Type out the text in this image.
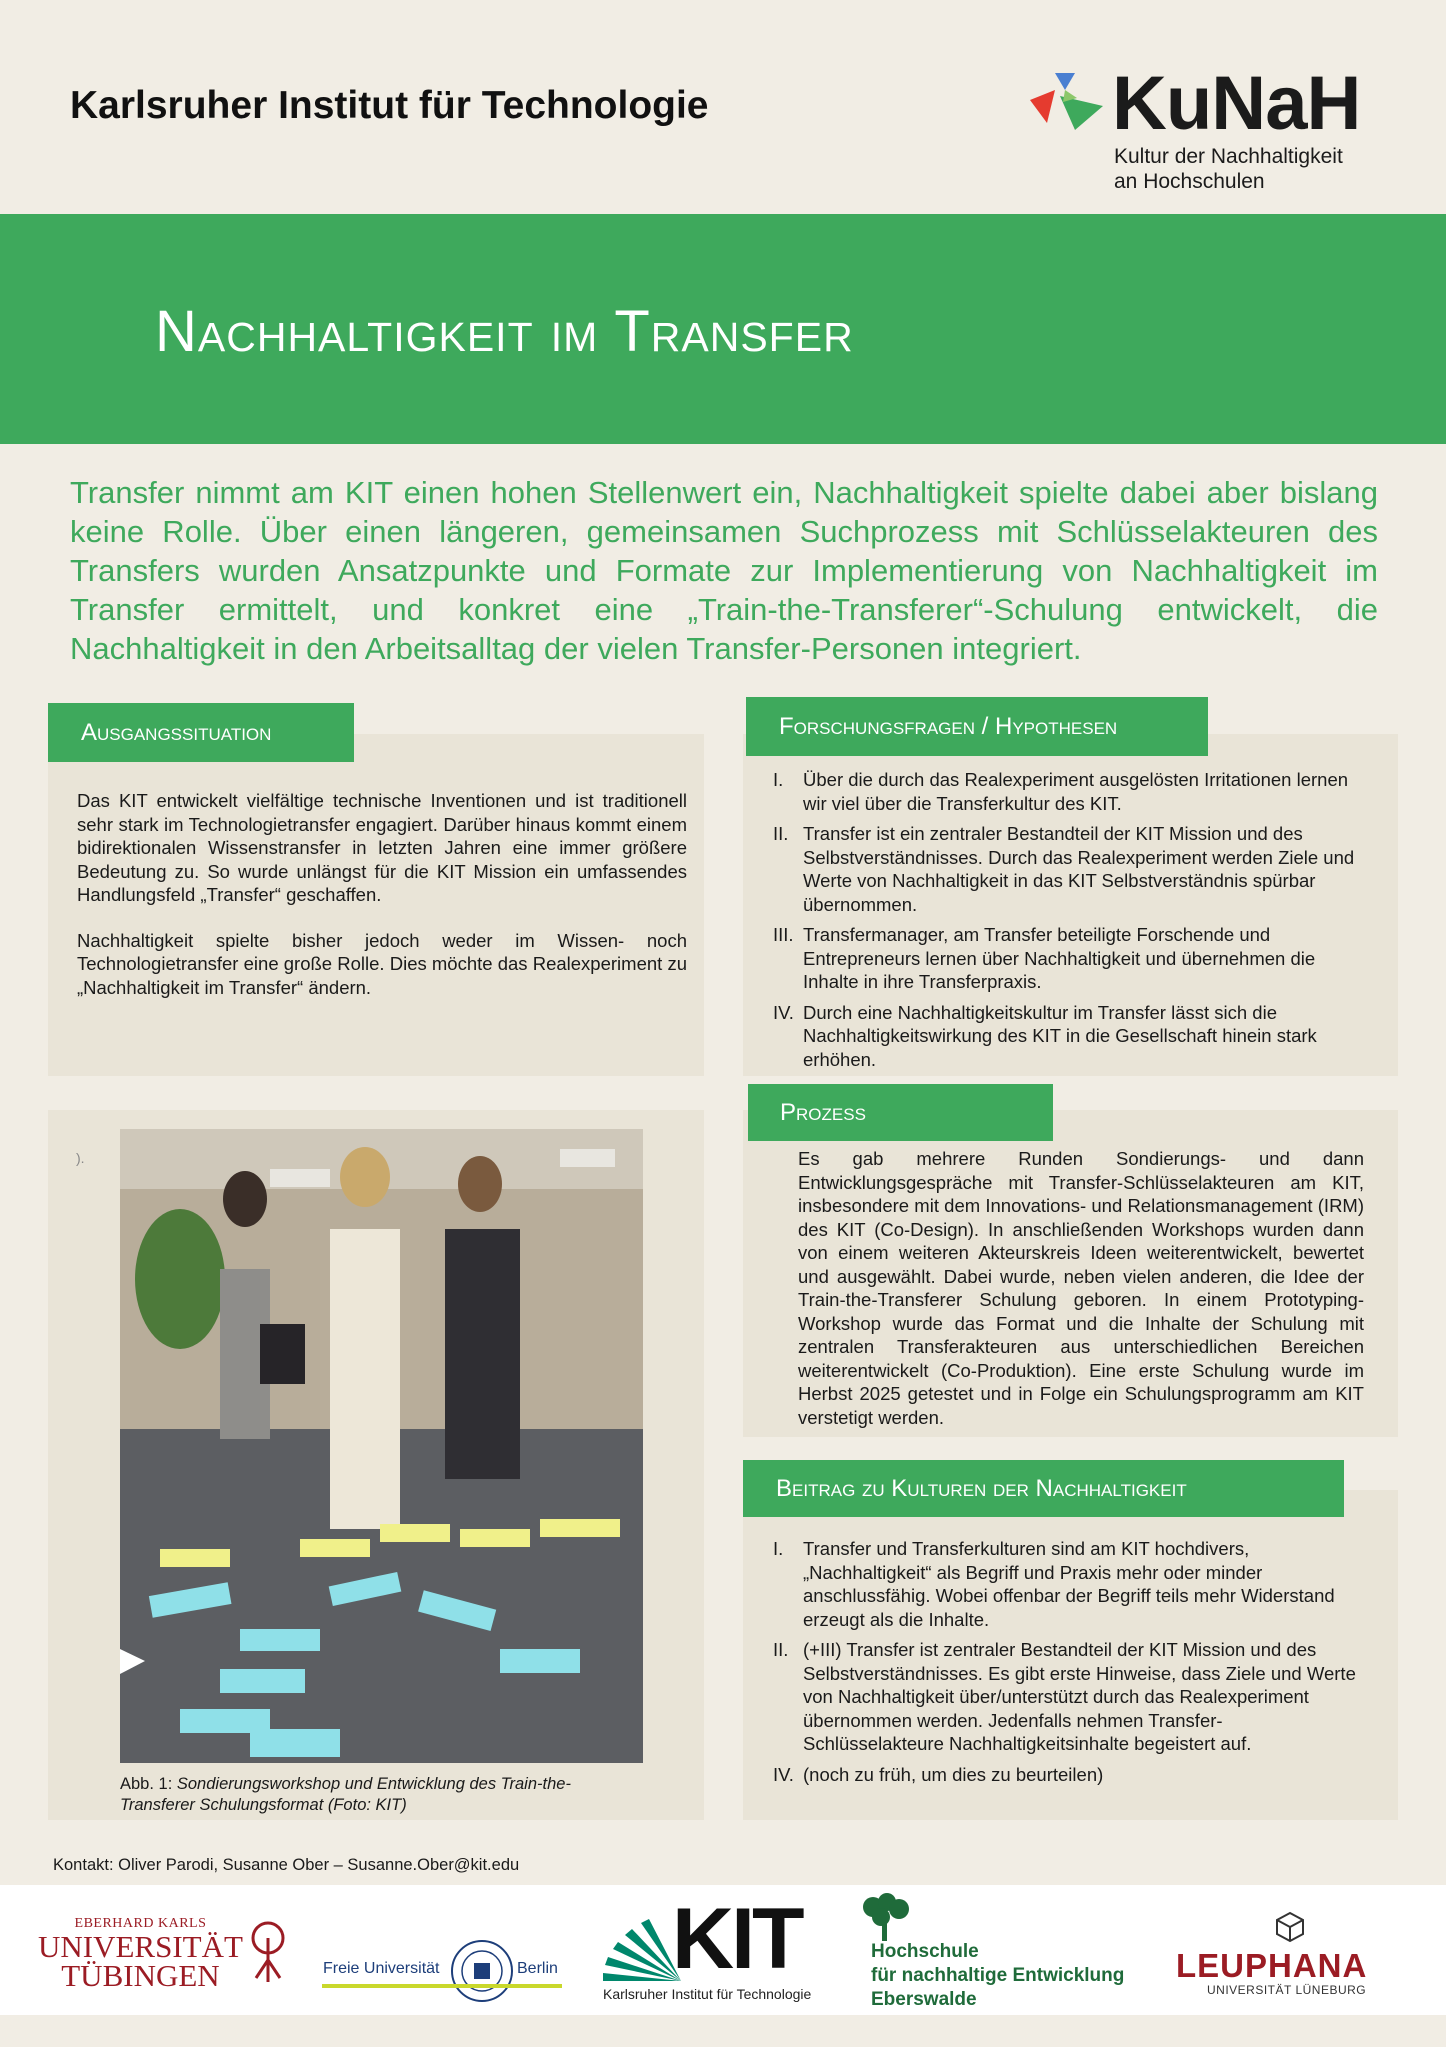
Karlsruher Institut für Technologie	KuNaH
Kultur der Nachhaltigkeit
an Hochschulen
Nachhaltigkeit im Transfer
Transfer nimmt am KIT einen hohen Stellenwert ein, Nachhaltigkeit spielte dabei aber bislang keine Rolle. Über einen längeren, gemeinsamen Suchprozess mit Schlüsselakteuren des Transfers wurden Ansatzpunkte und Formate zur Implementierung von Nachhaltigkeit im Transfer ermittelt, und konkret eine „Train-the-Transferer“-Schulung entwickelt, die Nachhaltigkeit in den Arbeitsalltag der vielen Transfer-Personen integriert.
Ausgangssituation

Das KIT entwickelt vielfältige technische Inventionen und ist traditionell sehr stark im Technologietransfer engagiert. Darüber hinaus kommt einem bidirektionalen Wissenstransfer in letzten Jahren eine immer größere Bedeutung zu. So wurde unlängst für die KIT Mission ein umfassendes Handlungsfeld „Transfer“ geschaffen.

Nachhaltigkeit spielte bisher jedoch weder im Wissen- noch Technologietransfer eine große Rolle. Dies möchte das Realexperiment zu „Nachhaltigkeit im Transfer“ ändern.

Forschungsfragen / Hypothesen
I. Über die durch das Realexperiment ausgelösten Irritationen lernen wir viel über die Transferkultur des KIT.
II. Transfer ist ein zentraler Bestandteil der KIT Mission und des Selbstverständnisses. Durch das Realexperiment werden Ziele und Werte von Nachhaltigkeit in das KIT Selbstverständnis spürbar übernommen.
III. Transfermanager, am Transfer beteiligte Forschende und Entrepreneurs lernen über Nachhaltigkeit und übernehmen die Inhalte in ihre Transferpraxis.
IV. Durch eine Nachhaltigkeitskultur im Transfer lässt sich die Nachhaltigkeitswirkung des KIT in die Gesellschaft hinein stark erhöhen.
).
Abb. 1: Sondierungsworkshop und Entwicklung des Train-the-Transferer Schulungsformat (Foto: KIT)
Prozess
Es gab mehrere Runden Sondierungs- und dann Entwicklungsgespräche mit Transfer-Schlüsselakteuren am KIT, insbesondere mit dem Innovations- und Relationsmanagement (IRM) des KIT (Co-Design). In anschließenden Workshops wurden dann von einem weiteren Akteurskreis Ideen weiterentwickelt, bewertet und ausgewählt. Dabei wurde, neben vielen anderen, die Idee der Train-the-Transferer Schulung geboren. In einem Prototyping-Workshop wurde das Format und die Inhalte der Schulung mit zentralen Transferakteuren aus unterschiedlichen Bereichen weiterentwickelt (Co-Produktion). Eine erste Schulung wurde im Herbst 2025 getestet und in Folge ein Schulungsprogramm am KIT verstetigt werden.
Beitrag zu Kulturen der Nachhaltigkeit
I. Transfer und Transferkulturen sind am KIT hochdivers, „Nachhaltigkeit“ als Begriff und Praxis mehr oder minder anschlussfähig. Wobei offenbar der Begriff teils mehr Widerstand erzeugt als die Inhalte.
II. (+III) Transfer ist zentraler Bestandteil der KIT Mission und des Selbstverständnisses. Es gibt erste Hinweise, dass Ziele und Werte von Nachhaltigkeit über/unterstützt durch das Realexperiment übernommen werden. Jedenfalls nehmen Transfer-Schlüsselakteure Nachhaltigkeitsinhalte begeistert auf.
IV. (noch zu früh, um dies zu beurteilen)
Kontakt: Oliver Parodi, Susanne Ober – Susanne.Ober@kit.edu
EBERHARD KARLS
UNIVERSITÄT
TÜBINGEN	Freie Universität	Berlin KIT
Karlsruher Institut für Technologie
Hochschule
für nachhaltige Entwicklung
Eberswalde
LEUPHANA
UNIVERSITÄT LÜNEBURG
